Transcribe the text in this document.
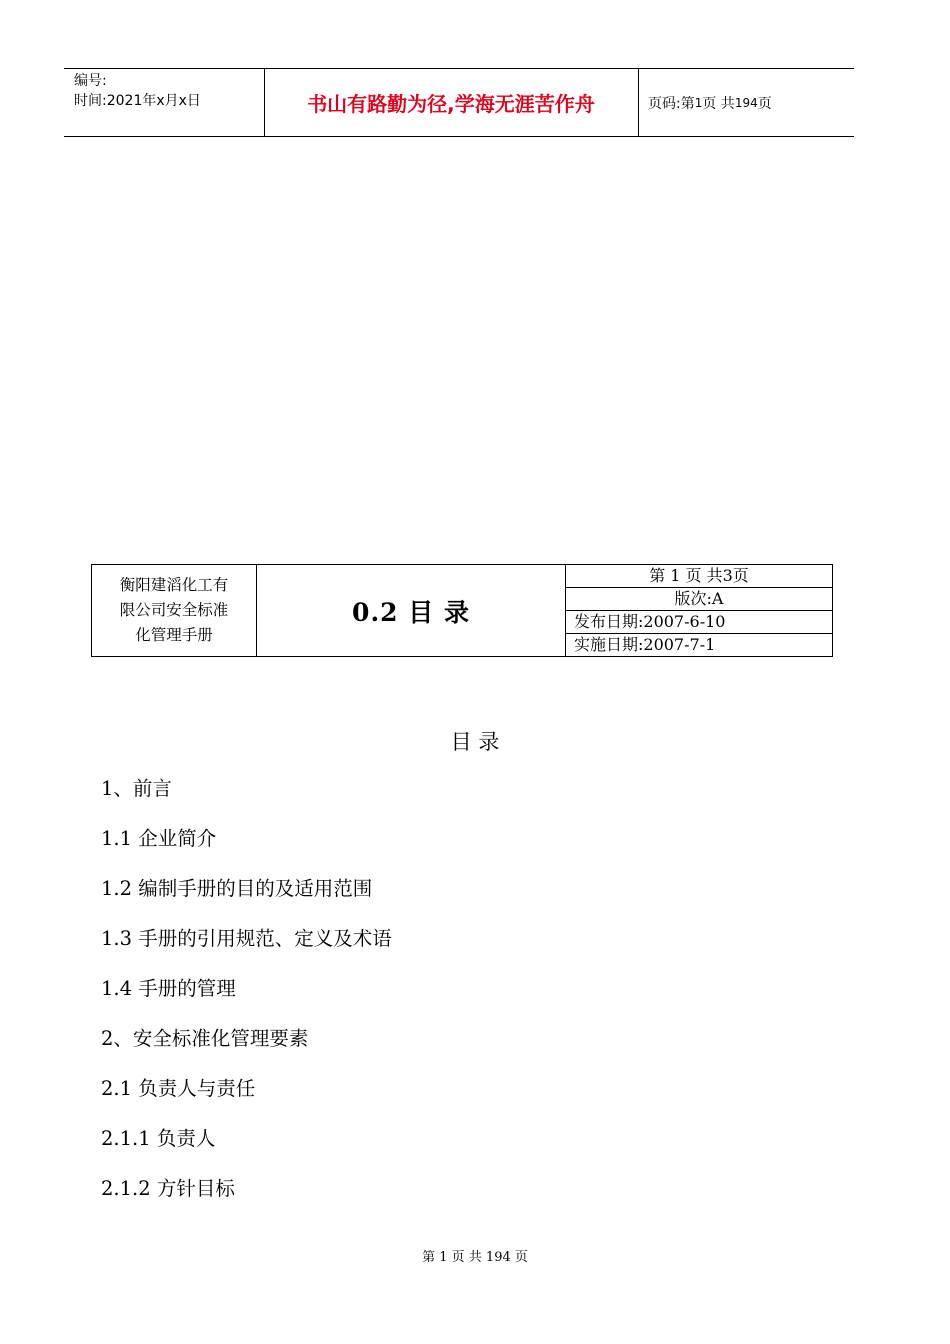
编号:
时间:2021年x月x日	书山有路勤为径,学海无涯苦作舟	页码:第 1 页 共 194 页
衡阳建滔化工有
限公司安全标准
化管理手册
	0.2 目 录	第 1 页 共3页
版次:A
发布日期:2007-6-10
实施日期:2007-7-1
目 录
1、前言
1.1 企业简介
1.2 编制手册的目的及适用范围
1.3 手册的引用规范、定义及术语
1.4 手册的管理
2、安全标准化管理要素
2.1 负责人与责任
2.1.1 负责人
2.1.2 方针目标
第 1 页 共 194 页
